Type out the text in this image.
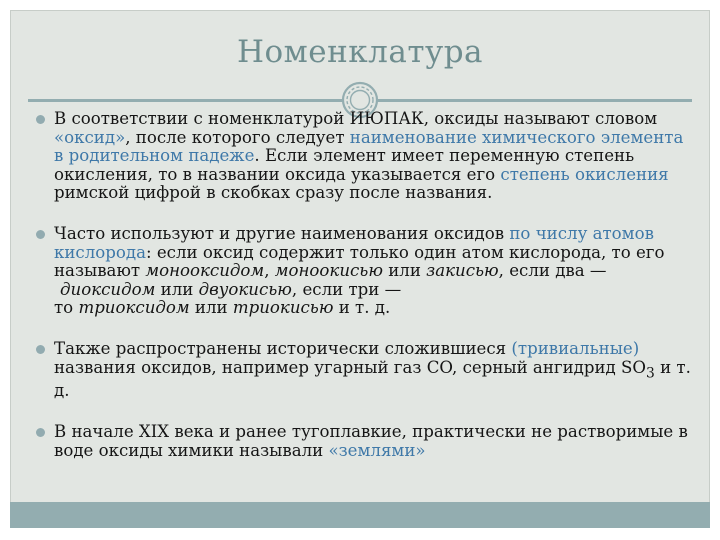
Номенклатура
В соответствии с номенклатурой ИЮПАК, оксиды называют словом «оксид», после которого следует наименование химического элемента в родительном падеже. Если элемент имеет переменную степень окисления, то в названии оксида указывается его степень окисления римской цифрой в скобках сразу после названия.
Часто используют и другие наименования оксидов по числу атомов кислорода: если оксид содержит только один атом кислорода, то его называют монооксидом, моноокисью или закисью, если два —
диоксидом или двуокисью, если три —
то триоксидом или триокисью и т. д.
Также распространены исторически сложившиеся (тривиальные) названия оксидов, например угарный газ CO, серный ангидрид $SO_3$ и т. д.
В начале XIX века и ранее тугоплавкие, практически не растворимые в воде оксиды химики называли «землями»
